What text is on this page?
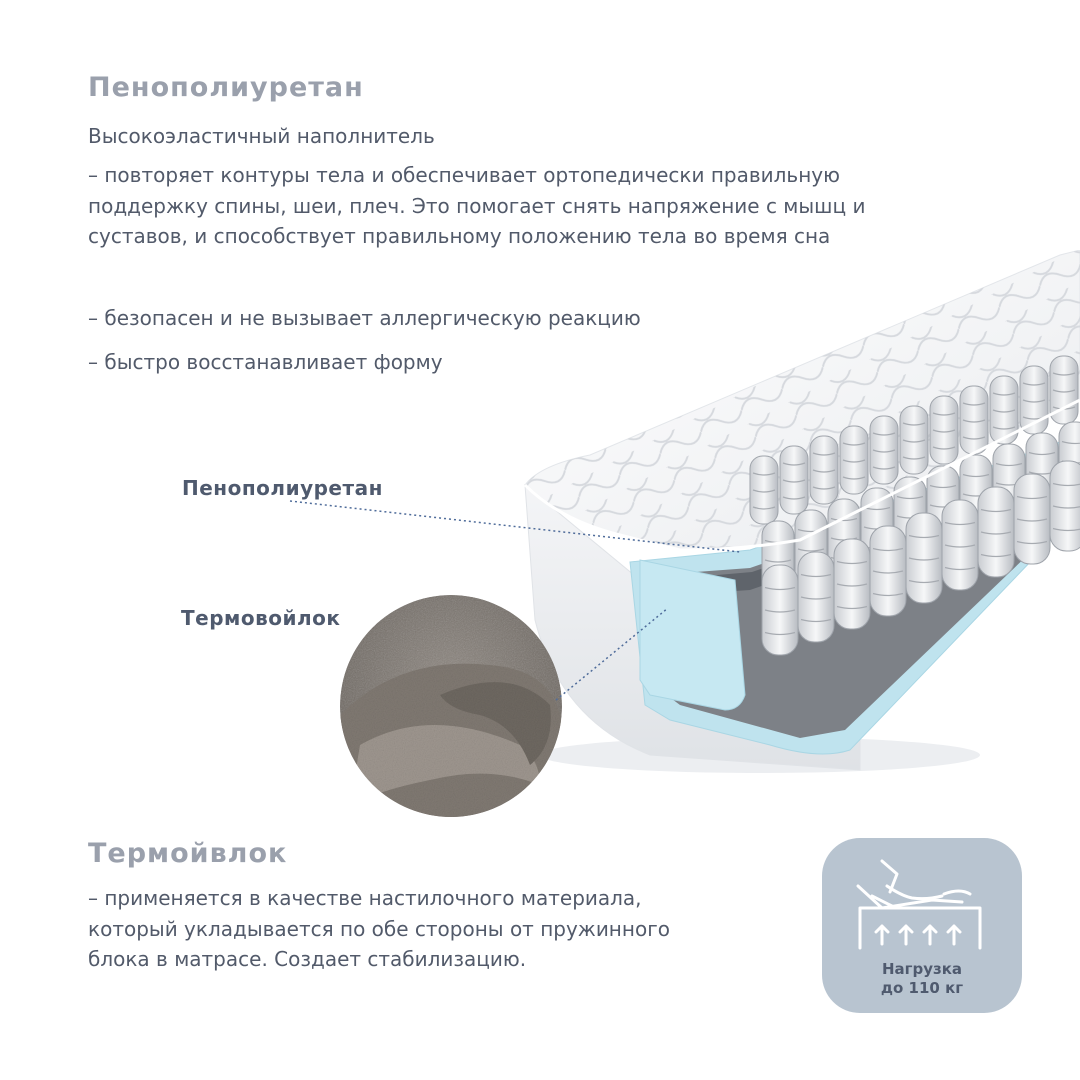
Пенополиуретан
Высокоэластичный наполнитель
– повторяет контуры тела и обеспечивает ортопедически правильную
поддержку спины, шеи, плеч. Это помогает снять напряжение с мышц и
суставов, и способствует правильному положению тела во время сна
– безопасен и не вызывает аллергическую реакцию
– быстро восстанавливает форму
Пенополиуретан
Термовойлок
Термойвлок
– применяется в качестве настилочного материала,
который укладывается по обе стороны от пружинного
блока в матрасе. Создает стабилизацию.	Нагрузка
до 110 кг
